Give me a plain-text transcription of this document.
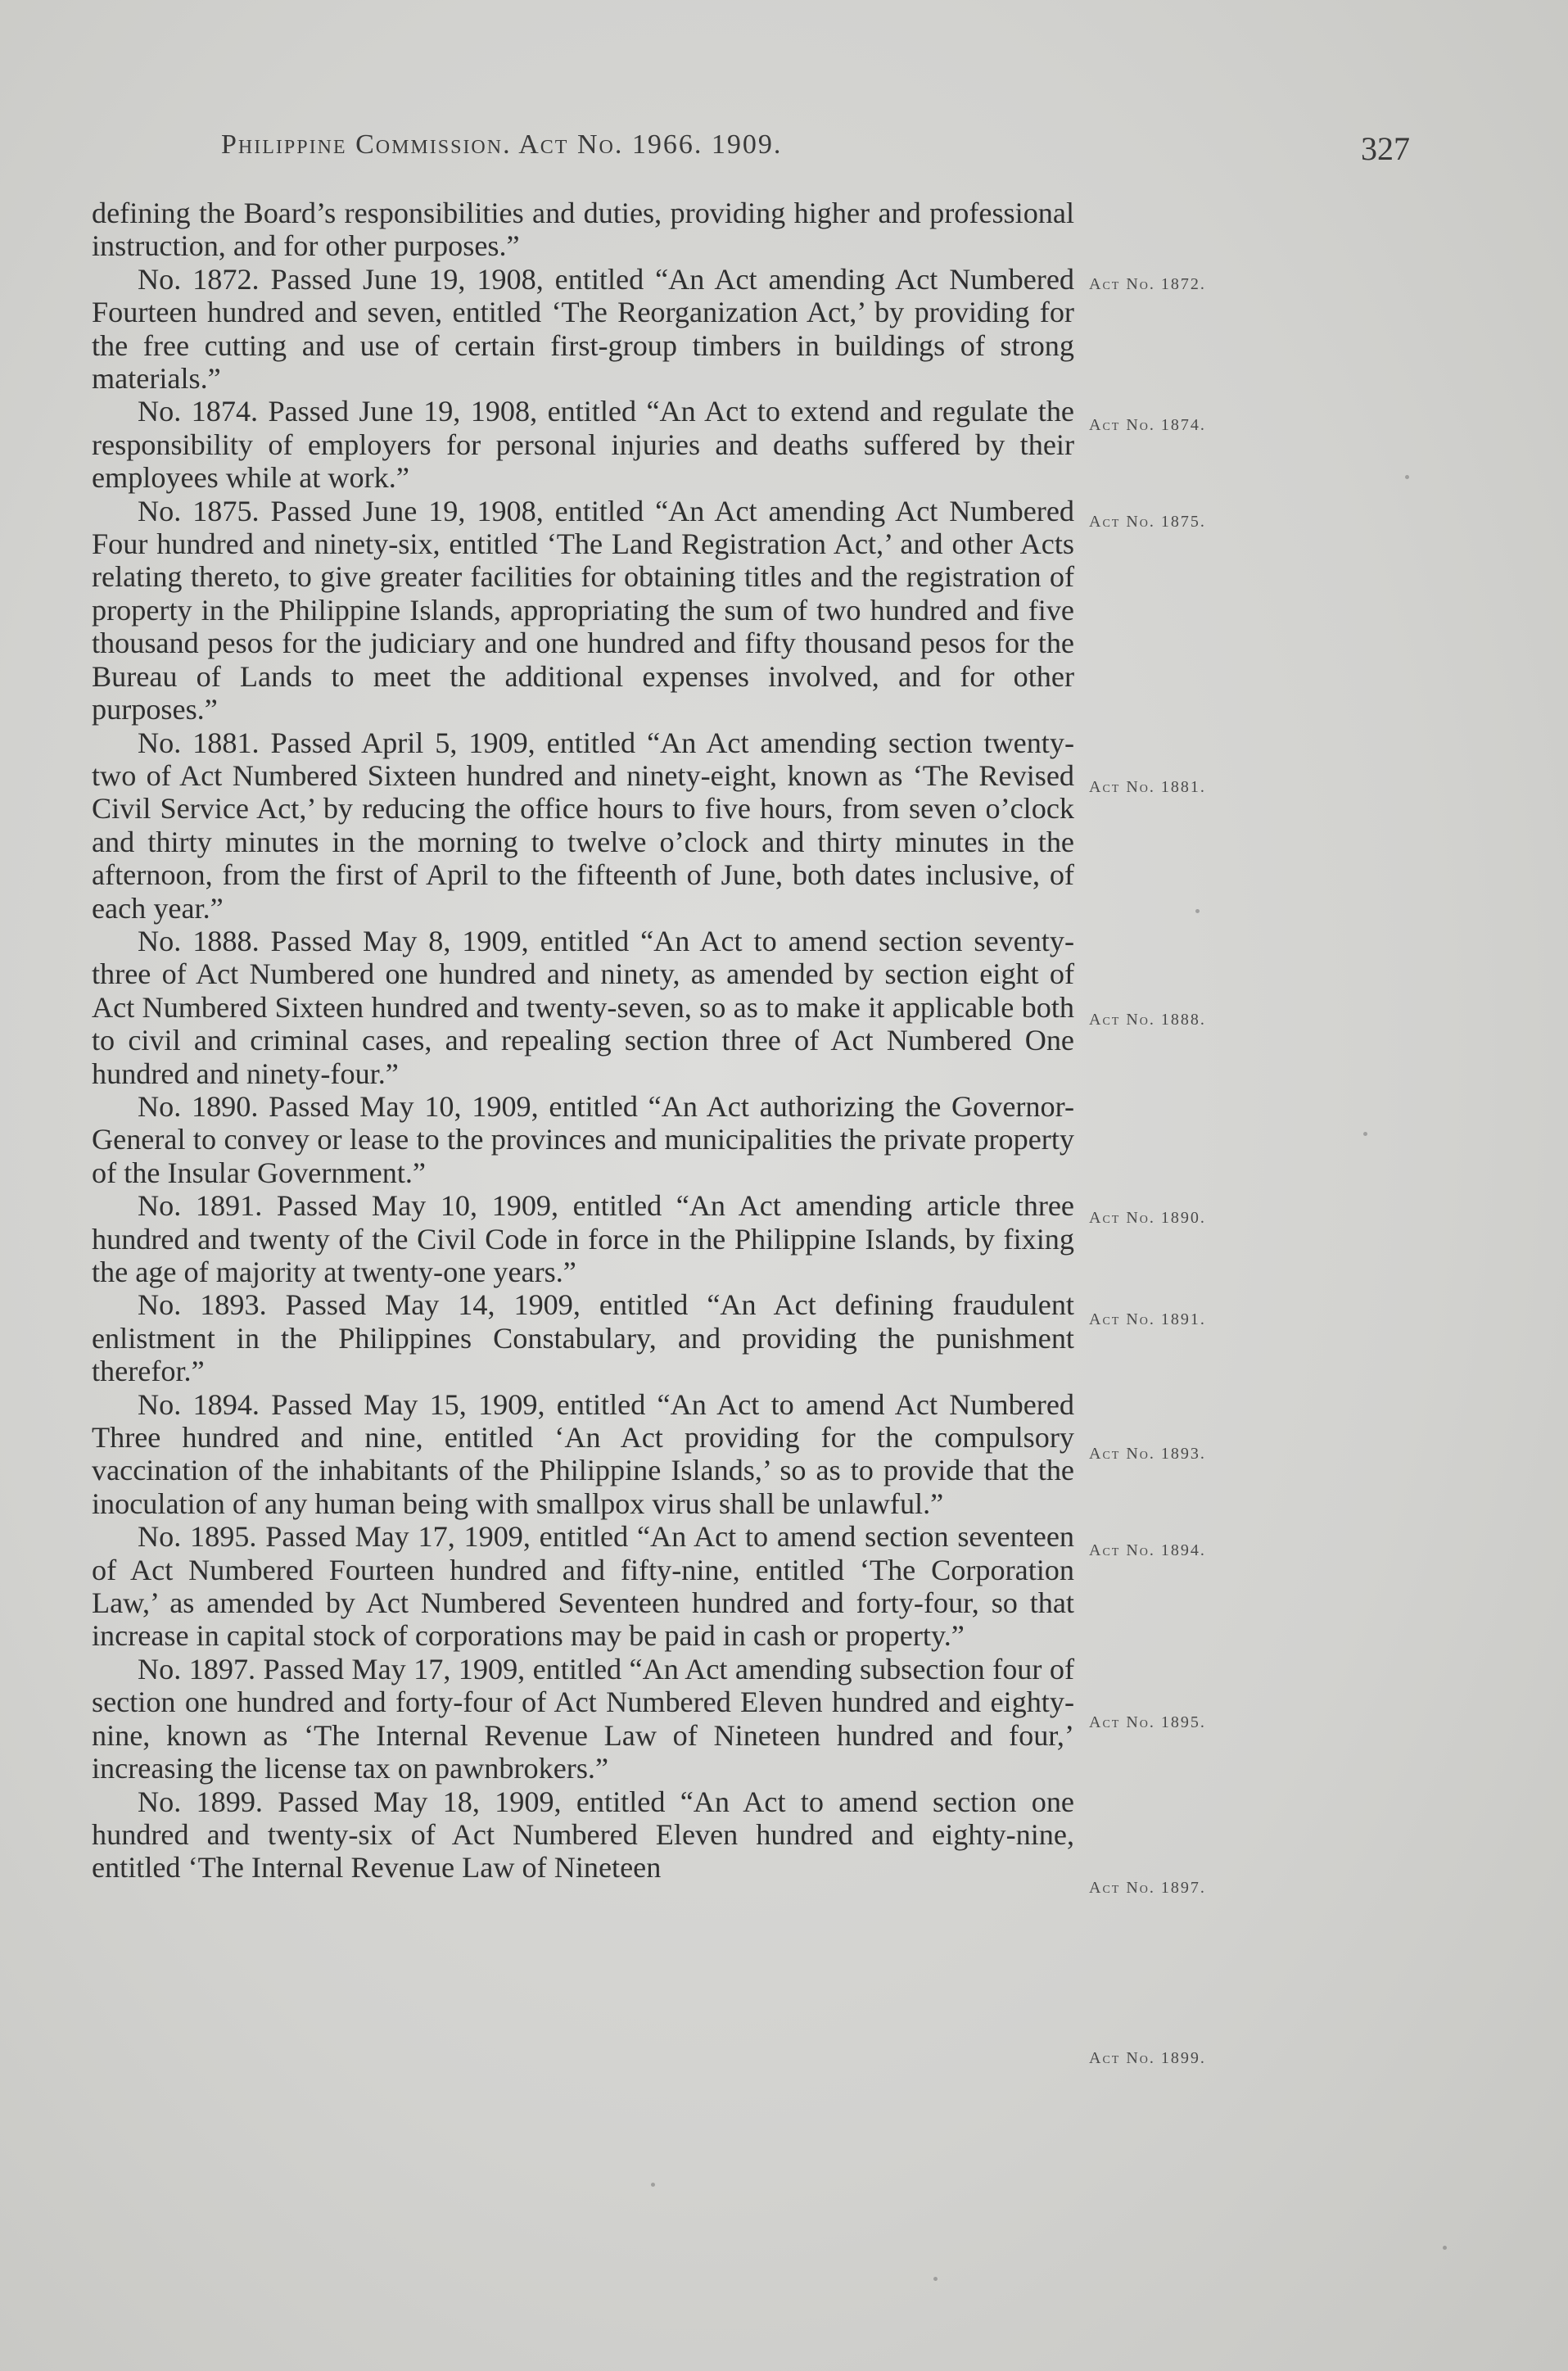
Philippine Commission. Act No. 1966. 1909.	327

defining the Board’s responsibilities and duties, providing higher and professional instruction, and for other purposes.”

No. 1872. Passed June 19, 1908, entitled “An Act amending Act Numbered Fourteen hundred and seven, entitled ‘The Reorganization Act,’ by providing for the free cutting and use of certain first-group timbers in buildings of strong materials.”

No. 1874. Passed June 19, 1908, entitled “An Act to extend and regulate the responsibility of employers for personal injuries and deaths suffered by their employees while at work.”

No. 1875. Passed June 19, 1908, entitled “An Act amending Act Numbered Four hundred and ninety-six, entitled ‘The Land Registration Act,’ and other Acts relating thereto, to give greater facilities for obtaining titles and the registration of property in the Philippine Islands, appropriating the sum of two hundred and five thousand pesos for the judiciary and one hundred and fifty thousand pesos for the Bureau of Lands to meet the additional expenses involved, and for other purposes.”

No. 1881. Passed April 5, 1909, entitled “An Act amending section twenty-two of Act Numbered Sixteen hundred and ninety-eight, known as ‘The Revised Civil Service Act,’ by reducing the office hours to five hours, from seven o’clock and thirty minutes in the morning to twelve o’clock and thirty minutes in the afternoon, from the first of April to the fifteenth of June, both dates inclusive, of each year.”

No. 1888. Passed May 8, 1909, entitled “An Act to amend section seventy-three of Act Numbered one hundred and ninety, as amended by section eight of Act Numbered Sixteen hundred and twenty-seven, so as to make it applicable both to civil and criminal cases, and repealing section three of Act Numbered One hundred and ninety-four.”

No. 1890. Passed May 10, 1909, entitled “An Act authorizing the Governor-General to convey or lease to the provinces and municipalities the private property of the Insular Government.”

No. 1891. Passed May 10, 1909, entitled “An Act amending article three hundred and twenty of the Civil Code in force in the Philippine Islands, by fixing the age of majority at twenty-one years.”

No. 1893. Passed May 14, 1909, entitled “An Act defining fraudulent enlistment in the Philippines Constabulary, and providing the punishment therefor.”

No. 1894. Passed May 15, 1909, entitled “An Act to amend Act Numbered Three hundred and nine, entitled ‘An Act providing for the compulsory vaccination of the inhabitants of the Philippine Islands,’ so as to provide that the inoculation of any human being with smallpox virus shall be unlawful.”

No. 1895. Passed May 17, 1909, entitled “An Act to amend section seventeen of Act Numbered Fourteen hundred and fifty-nine, entitled ‘The Corporation Law,’ as amended by Act Numbered Seventeen hundred and forty-four, so that increase in capital stock of corporations may be paid in cash or property.”

No. 1897. Passed May 17, 1909, entitled “An Act amending subsection four of section one hundred and forty-four of Act Numbered Eleven hundred and eighty-nine, known as ‘The Internal Revenue Law of Nineteen hundred and four,’ increasing the license tax on pawnbrokers.”

No. 1899. Passed May 18, 1909, entitled “An Act to amend section one hundred and twenty-six of Act Numbered Eleven hundred and eighty-nine, entitled ‘The Internal Revenue Law of Nineteen

Act No. 1872.
Act No. 1874.
Act No. 1875.
Act No. 1881.
Act No. 1888.
Act No. 1890.
Act No. 1891.
Act No. 1893.
Act No. 1894.
Act No. 1895.
Act No. 1897.
Act No. 1899.
